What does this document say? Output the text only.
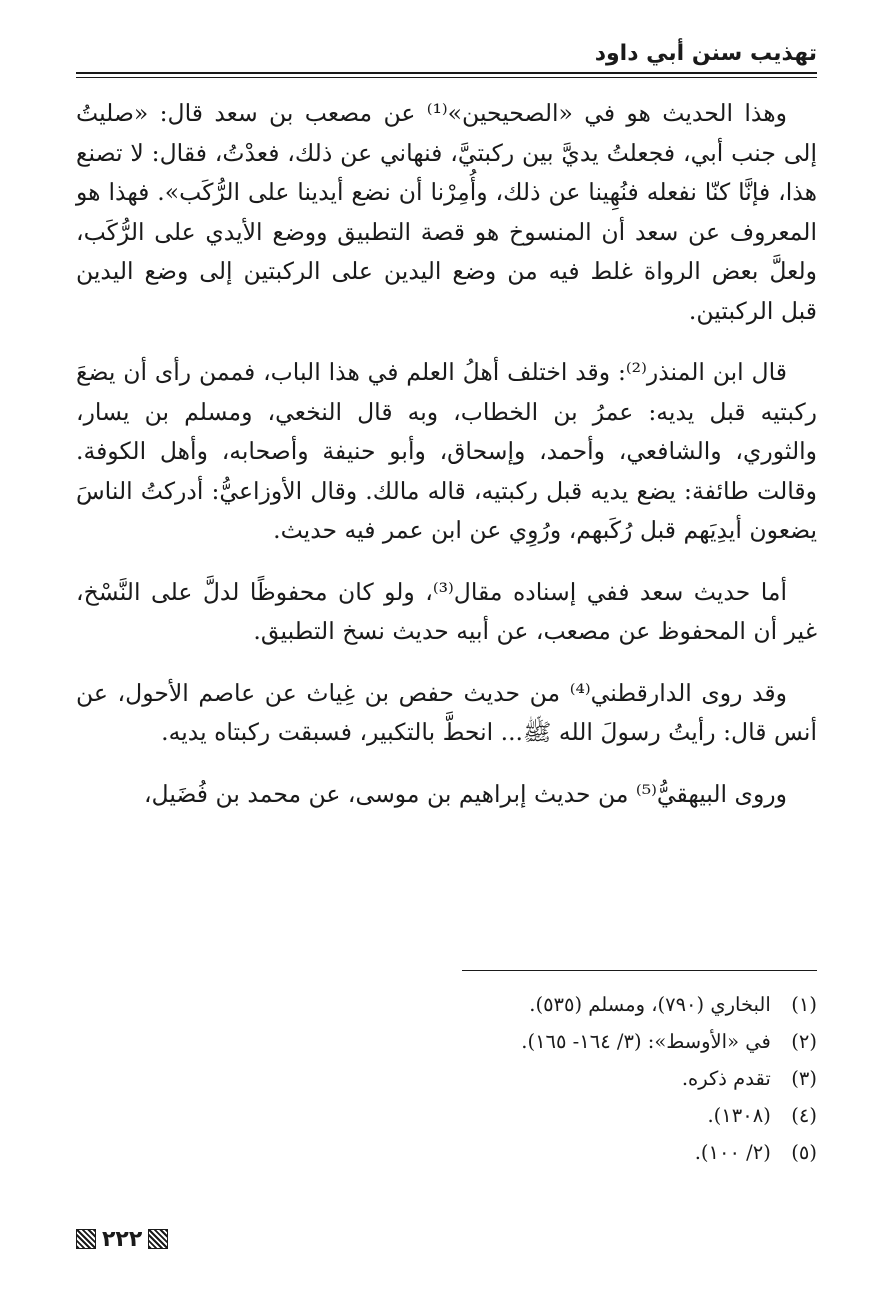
تهذيب سنن أبي داود

وهذا الحديث هو في «الصحيحين»⁽¹⁾ عن مصعب بن سعد قال: «صليتُ إلى جنب أبي، فجعلتُ يديَّ بين ركبتيَّ، فنهاني عن ذلك، فعدْتُ، فقال: لا تصنع هذا، فإنَّا كنّا نفعله فنُهِينا عن ذلك، وأُمِرْنا أن نضع أيدينا على الرُّكَب». فهذا هو المعروف عن سعد أن المنسوخ هو قصة التطبيق ووضع الأيدي على الرُّكَب، ولعلَّ بعض الرواة غلط فيه من وضع اليدين على الركبتين إلى وضع اليدين قبل الركبتين.

قال ابن المنذر⁽²⁾: وقد اختلف أهلُ العلم في هذا الباب، فممن رأى أن يضعَ ركبتيه قبل يديه: عمرُ بن الخطاب، وبه قال النخعي، ومسلم بن يسار، والثوري، والشافعي، وأحمد، وإسحاق، وأبو حنيفة وأصحابه، وأهل الكوفة. وقالت طائفة: يضع يديه قبل ركبتيه، قاله مالك. وقال الأوزاعيُّ: أدركتُ الناسَ يضعون أيدِيَهم قبل رُكَبهم، ورُوِي عن ابن عمر فيه حديث.

أما حديث سعد ففي إسناده مقال⁽³⁾، ولو كان محفوظًا لدلَّ على النَّسْخ، غير أن المحفوظ عن مصعب، عن أبيه حديث نسخ التطبيق.

وقد روى الدارقطني⁽⁴⁾ من حديث حفص بن غِياث عن عاصم الأحول، عن أنس قال: رأيتُ رسولَ الله ﷺ... انحطَّ بالتكبير، فسبقت ركبتاه يديه.

وروى البيهقيُّ⁽⁵⁾ من حديث إبراهيم بن موسى، عن محمد بن فُضَيل،

(١) البخاري (٧٩٠)، ومسلم (٥٣٥).
(٢) في «الأوسط»: (٣/ ١٦٤- ١٦٥).
(٣) تقدم ذكره.
(٤) (١٣٠٨).
(٥) (٢/ ١٠٠).
٢٢٢
